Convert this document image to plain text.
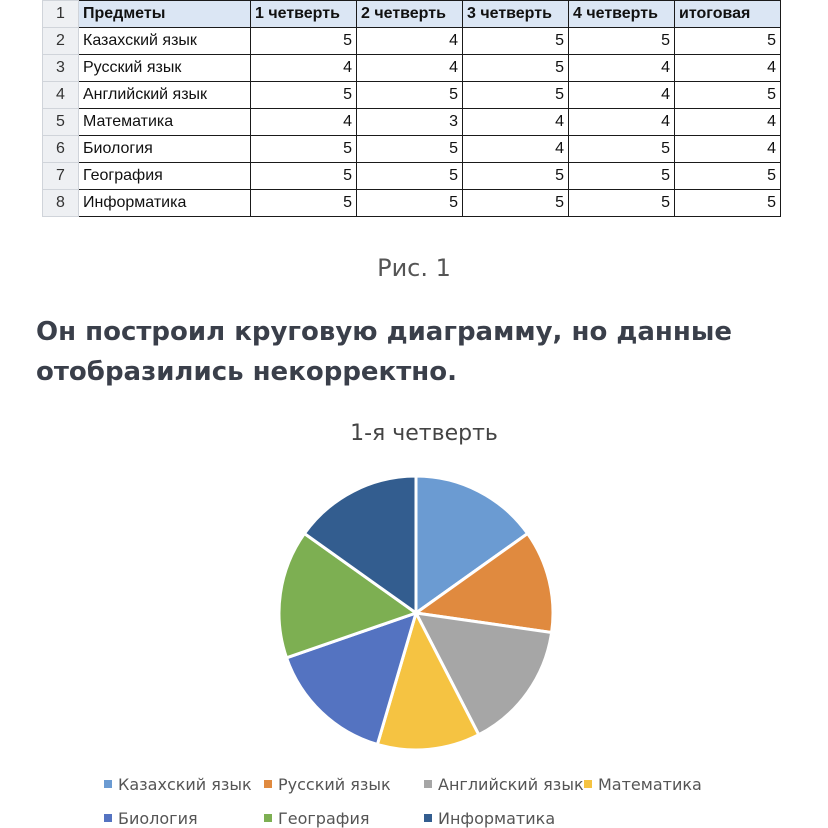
1	Предметы	1 четверть	2 четверть	3 четверть	4 четверть	итоговая
2	Казахский язык	5	4	5	5	5
3	Русский язык	4	4	5	4	4
4	Английский язык	5	5	5	4	5
5	Математика	4	3	4	4	4
6	Биология	5	5	4	5	4
7	География	5	5	5	5	5
8	Информатика	5	5	5	5	5
Рис. 1
Он построил круговую диаграмму, но данные отобразились некорректно.
1-я четверть
Казахский язык Русский язык	Английский язык Математика
Биология	География	Информатика
